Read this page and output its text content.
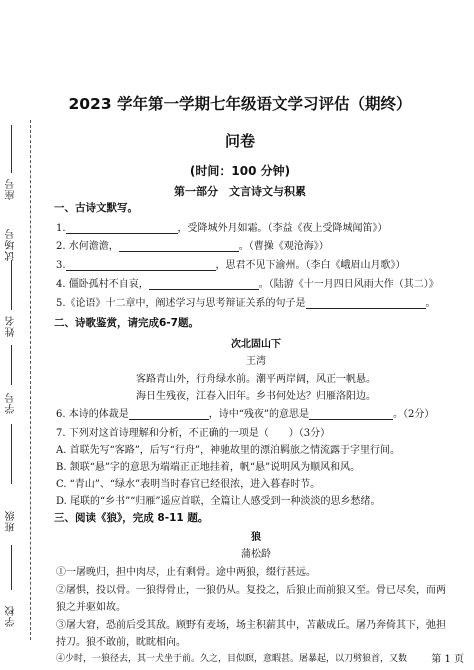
座号
试场号
姓名
学号
班级
学校
2023 学年第一学期七年级语文学习评估（期终）
问卷
(时间：100 分钟)
第一部分　文言诗文与积累
一、古诗文默写。
1.	，受降城外月如霜。（李益《夜上受降城闻笛》）
2. 水何澹澹，	。（曹操《观沧海》）
3.	，思君不见下渝州。（李白《峨眉山月歌》）
4. 僵卧孤村不自哀，	。（陆游《十一月四日风雨大作（其二）》
5.《论语》十二章中，阐述学习与思考辩证关系的句子是	。
二、诗歌鉴赏，请完成6-7题。
次北固山下
王湾
客路青山外，行舟绿水前。潮平两岸阔，风正一帆悬。
海日生残夜，江春入旧年。乡书何处达？归雁洛阳边。
6. 本诗的体裁是	，诗中“残夜”的意思是	。（2分）
7. 下列对这首诗理解和分析，不正确的一项是（　　）（3分）
A. 首联先写“客路”，后写“行舟”，神驰故里的漂泊羁旅之情流露于字里行间。
B. 颔联“悬”字的意思为端端正正地挂着，帆“悬”说明风为顺风和风。
C. “青山”、“绿水”表明当时春官已经很浓，进入暮春时节。
D. 尾联的“乡书”“归雁”遥应首联，全篇让人感受到一种淡淡的思乡愁绪。
三、阅读《狼》，完成 8-11 题。
狼
蒲松龄
①一屠晚归，担中肉尽，止有剩骨。途中两狼，缀行甚远。
②屠惧，投以骨。一狼得骨止，一狼仍从。复投之，后狼止而前狼又至。骨已尽矣，而两
狼之并驱如故。
③屠大窘，恐前后受其敌。顾野有麦场，场主积薪其中，苫蔽成丘。屠乃奔倚其下，弛担
持刀。狼不敢前，眈眈相向。
④少时，一狼径去，其一犬坐于前。久之，目似瞑，意暇甚。屠暴起，以刀劈狼首，又数 第 1 页
